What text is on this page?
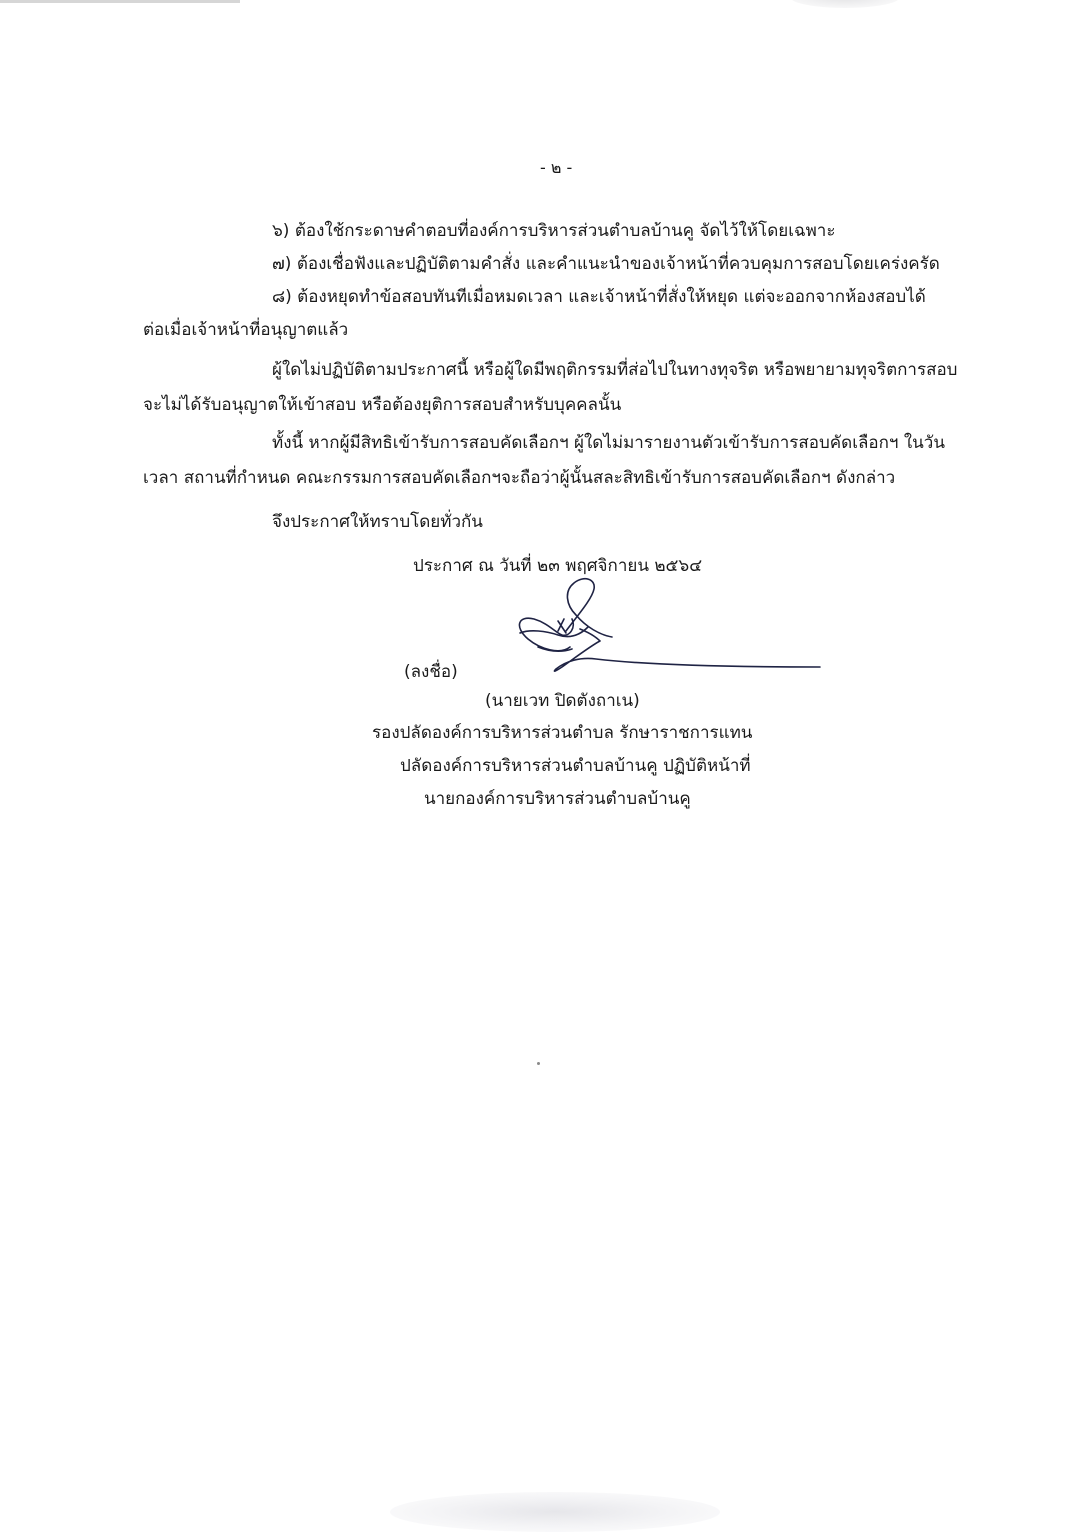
- ๒ -
๖) ต้องใช้กระดาษคำตอบที่องค์การบริหารส่วนตำบลบ้านคู จัดไว้ให้โดยเฉพาะ
๗) ต้องเชื่อฟังและปฏิบัติตามคำสั่ง และคำแนะนำของเจ้าหน้าที่ควบคุมการสอบโดยเคร่งครัด
๘) ต้องหยุดทำข้อสอบทันทีเมื่อหมดเวลา และเจ้าหน้าที่สั่งให้หยุด แต่จะออกจากห้องสอบได้
ต่อเมื่อเจ้าหน้าที่อนุญาตแล้ว
ผู้ใดไม่ปฏิบัติตามประกาศนี้ หรือผู้ใดมีพฤติกรรมที่ส่อไปในทางทุจริต หรือพยายามทุจริตการสอบ
จะไม่ได้รับอนุญาตให้เข้าสอบ หรือต้องยุติการสอบสำหรับบุคคลนั้น
ทั้งนี้ หากผู้มีสิทธิเข้ารับการสอบคัดเลือกฯ ผู้ใดไม่มารายงานตัวเข้ารับการสอบคัดเลือกฯ ในวัน
เวลา สถานที่กำหนด คณะกรรมการสอบคัดเลือกฯจะถือว่าผู้นั้นสละสิทธิเข้ารับการสอบคัดเลือกฯ ดังกล่าว
จึงประกาศให้ทราบโดยทั่วกัน
ประกาศ ณ วันที่ ๒๓ พฤศจิกายน ๒๕๖๔
(ลงชื่อ)
(นายเวท ปิดตังถาเน)
รองปลัดองค์การบริหารส่วนตำบล รักษาราชการแทน
ปลัดองค์การบริหารส่วนตำบลบ้านคู ปฏิบัติหน้าที่
นายกองค์การบริหารส่วนตำบลบ้านคู
